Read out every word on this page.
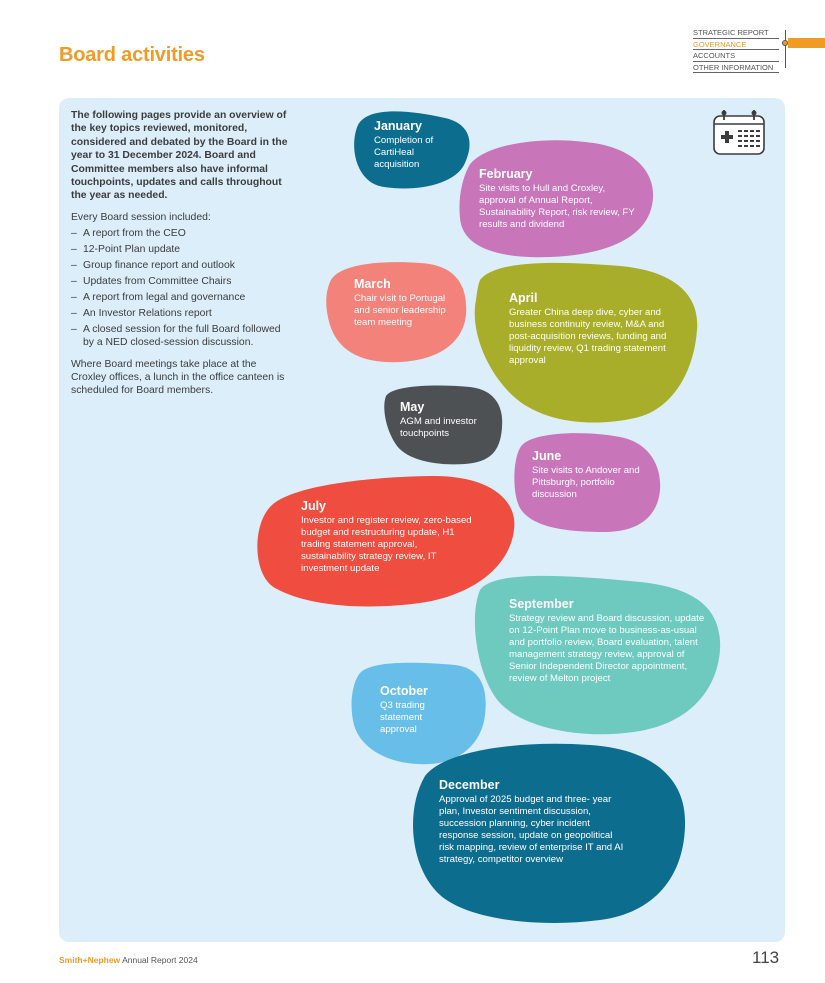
Board activities
STRATEGIC REPORT
GOVERNANCE
ACCOUNTS
OTHER INFORMATION

The following pages provide an overview of the key topics reviewed, monitored, considered and debated by the Board in the year to 31 December 2024. Board and Committee members also have informal touchpoints, updates and calls throughout the year as needed.

Every Board session included:

– A report from the CEO
– 12-Point Plan update
– Group finance report and outlook
– Updates from Committee Chairs
– A report from legal and governance
– An Investor Relations report
– A closed session for the full Board followed by a NED closed-session discussion.

Where Board meetings take place at the Croxley offices, a lunch in the office canteen is scheduled for Board members.

January
Completion of CartiHeal acquisition
February
Site visits to Hull and Croxley, approval of Annual Report, Sustainability Report, risk review, FY results and dividend
March
Chair visit to Portugal and senior leadership team meeting
April
Greater China deep dive, cyber and business continuity review, M&A and post-acquisition reviews, funding and liquidity review, Q1 trading statement approval
May
AGM and investor touchpoints
June
Site visits to Andover and Pittsburgh, portfolio discussion
July
Investor and register review, zero-based budget and restructuring update, H1 trading statement approval, sustainability strategy review, IT investment update
September
Strategy review and Board discussion, update on 12-Point Plan move to business-as-usual and portfolio review, Board evaluation, talent management strategy review, approval of Senior Independent Director appointment, review of Melton project
October
Q3 trading statement approval
December
Approval of 2025 budget and three- year plan, Investor sentiment discussion, succession planning, cyber incident response session, update on geopolitical risk mapping, review of enterprise IT and AI strategy, competitor overview
Smith+Nephew Annual Report 2024	113
